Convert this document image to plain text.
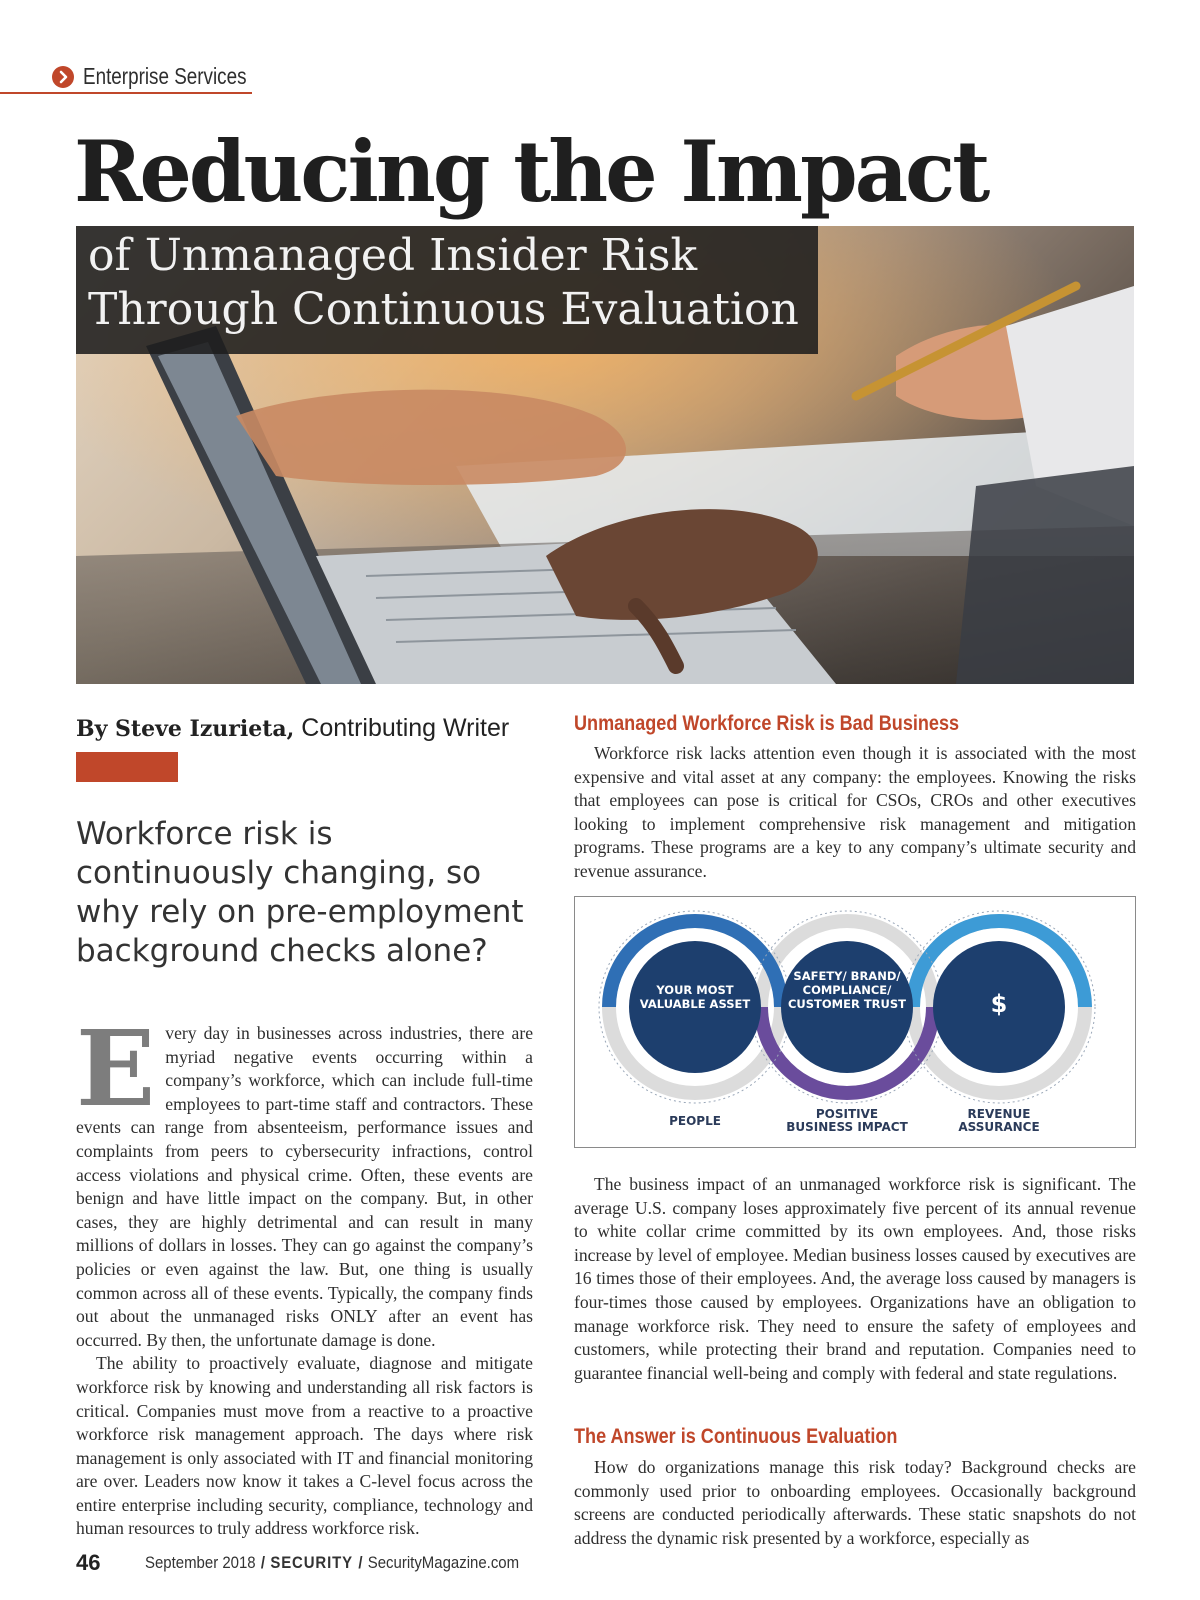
Enterprise Services
Reducing the Impact
of Unmanaged Insider Risk
Through Continuous Evaluation
By Steve Izurieta, Contributing Writer
Workforce risk is continuously changing, so why rely on pre-employment background checks alone?

Every day in businesses across industries, there are myriad negative events occurring within a company’s workforce, which can include full-time employees to part-time staff and contractors. These events can range from absenteeism, performance issues and complaints from peers to cybersecurity infractions, control access violations and physical crime. Often, these events are benign and have little impact on the company. But, in other cases, they are highly detrimental and can result in many millions of dollars in losses. They can go against the company’s policies or even against the law. But, one thing is usually common across all of these events. Typically, the company finds out about the unmanaged risks ONLY after an event has occurred. By then, the unfortunate damage is done.

The ability to proactively evaluate, diagnose and mitigate workforce risk by knowing and understanding all risk factors is critical. Companies must move from a reactive to a proactive workforce risk management approach. The days where risk management is only associated with IT and financial monitoring are over. Leaders now know it takes a C-level focus across the entire enterprise including security, compliance, technology and human resources to truly address workforce risk.

Unmanaged Workforce Risk is Bad Business

Workforce risk lacks attention even though it is associated with the most expensive and vital asset at any company: the employees. Knowing the risks that employees can pose is critical for CSOs, CROs and other executives looking to implement comprehensive risk management and mitigation programs. These programs are a key to any company’s ultimate security and revenue assurance.

YOUR MOST VALUABLE ASSET
SAFETY/ BRAND/ COMPLIANCE/ CUSTOMER TRUST	$
PEOPLE	POSITIVE
BUSINESS IMPACT
REVENUE
ASSURANCE

The business impact of an unmanaged workforce risk is significant. The average U.S. company loses approximately five percent of its annual revenue to white collar crime committed by its own employees. And, those risks increase by level of employee. Median business losses caused by executives are 16 times those of their employees. And, the average loss caused by managers is four-times those caused by employees. Organizations have an obligation to manage workforce risk. They need to ensure the safety of employees and customers, while protecting their brand and reputation. Companies need to guarantee financial well-being and comply with federal and state regulations.

The Answer is Continuous Evaluation

How do organizations manage this risk today? Background checks are commonly used prior to onboarding employees. Occasionally background screens are conducted periodically afterwards. These static snapshots do not address the dynamic risk presented by a workforce, especially as

46	September 2018 / SECURITY / SecurityMagazine.com
